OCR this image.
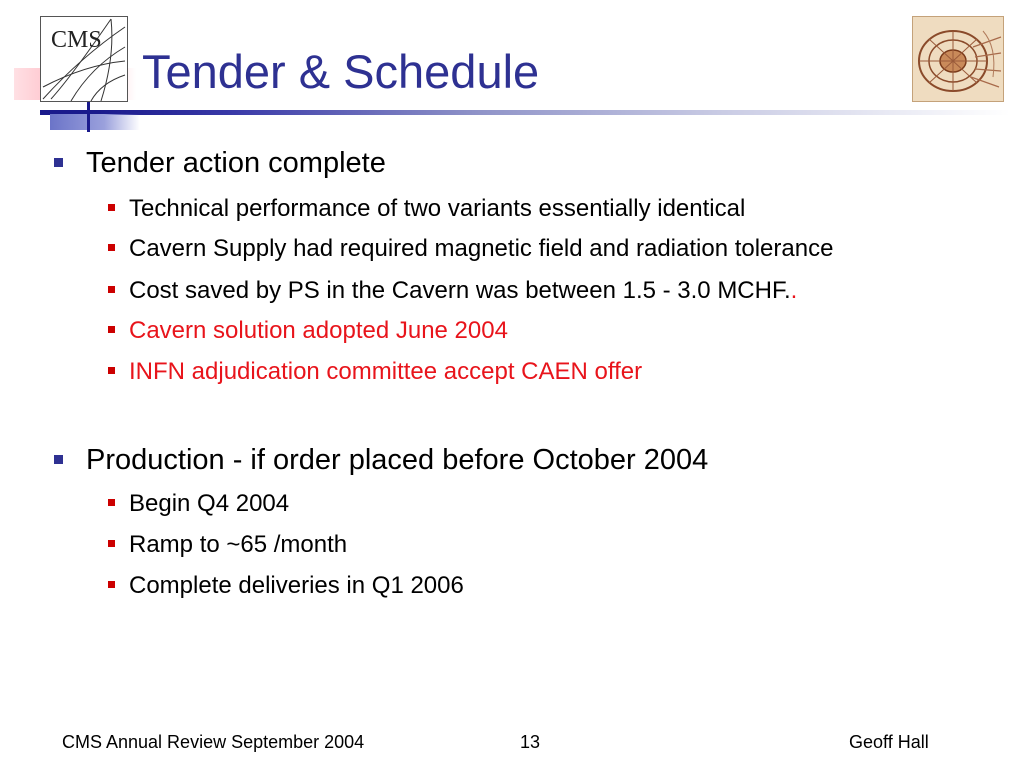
CMS
Tender & Schedule
Tender action complete
Technical performance of two variants essentially identical
Cavern Supply had required magnetic field and radiation tolerance
Cost saved by PS in the Cavern was between 1.5 - 3.0 MCHF..
Cavern solution adopted June 2004
INFN adjudication committee accept CAEN offer
Production - if order placed before October 2004
Begin Q4 2004
Ramp to ~65 /month
Complete deliveries in Q1 2006
CMS Annual Review September 2004	13	Geoff Hall
